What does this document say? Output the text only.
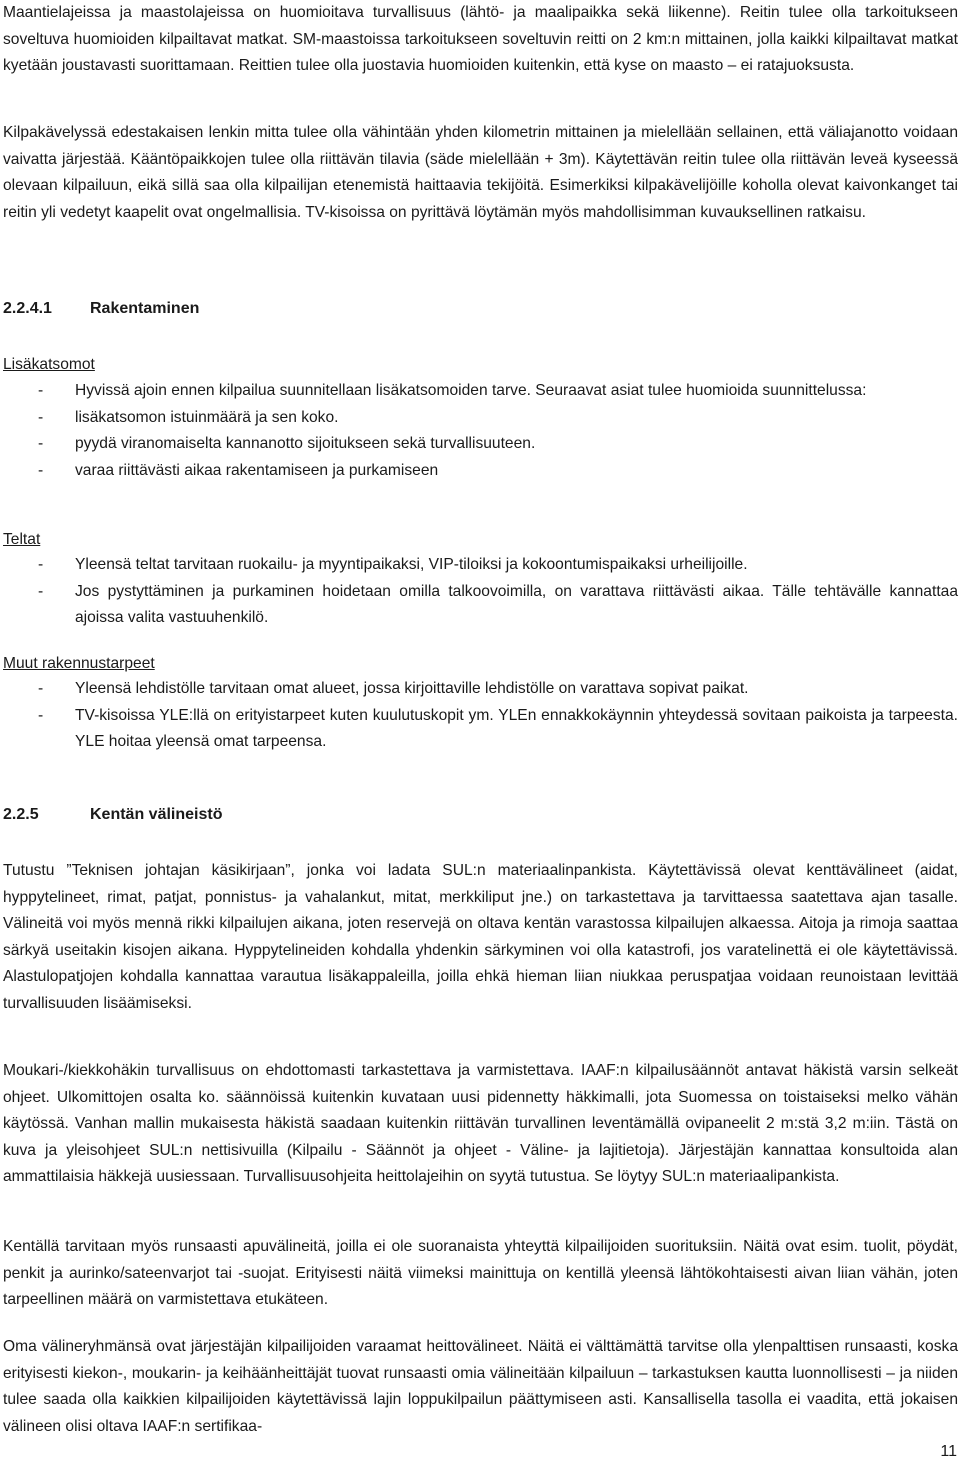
Maantielajeissa ja maastolajeissa on huomioitava turvallisuus (lähtö- ja maalipaikka sekä liikenne). Reitin tulee olla tarkoitukseen soveltuva huomioiden kilpailtavat matkat. SM-maastoissa tarkoitukseen soveltuvin reitti on 2 km:n mittainen, jolla kaikki kilpailtavat matkat kyetään joustavasti suorittamaan. Reittien tulee olla juostavia huomioiden kuitenkin, että kyse on maasto – ei ratajuoksusta.

Kilpakävelyssä edestakaisen lenkin mitta tulee olla vähintään yhden kilometrin mittainen ja mielellään sellainen, että väliajanotto voidaan vaivatta järjestää. Kääntöpaikkojen tulee olla riittävän tilavia (säde mielellään + 3m). Käytettävän reitin tulee olla riittävän leveä kyseessä olevaan kilpailuun, eikä sillä saa olla kilpailijan etenemistä haittaavia tekijöitä. Esimerkiksi kilpakävelijöille koholla olevat kaivonkanget tai reitin yli vedetyt kaapelit ovat ongelmallisia. TV-kisoissa on pyrittävä löytämän myös mahdollisimman kuvauksellinen ratkaisu.

2.2.4.1 Rakentaminen
Lisäkatsomot
- Hyvissä ajoin ennen kilpailua suunnitellaan lisäkatsomoiden tarve. Seuraavat asiat tulee huomioida suunnittelussa:
- lisäkatsomon istuinmäärä ja sen koko.
- pyydä viranomaiselta kannanotto sijoitukseen sekä turvallisuuteen.
- varaa riittävästi aikaa rakentamiseen ja purkamiseen
Teltat
- Yleensä teltat tarvitaan ruokailu- ja myyntipaikaksi, VIP-tiloiksi ja kokoontumispaikaksi urheilijoille.
- Jos pystyttäminen ja purkaminen hoidetaan omilla talkoovoimilla, on varattava riittävästi aikaa. Tälle tehtävälle kannattaa ajoissa valita vastuuhenkilö.
Muut rakennustarpeet
- Yleensä lehdistölle tarvitaan omat alueet, jossa kirjoittaville lehdistölle on varattava sopivat paikat.
- TV-kisoissa YLE:llä on erityistarpeet kuten kuulutuskopit ym. YLEn ennakkokäynnin yhteydessä sovitaan paikoista ja tarpeesta. YLE hoitaa yleensä omat tarpeensa.
2.2.5	Kentän välineistö

Tutustu ”Teknisen johtajan käsikirjaan”, jonka voi ladata SUL:n materiaalinpankista. Käytettävissä olevat kenttävälineet (aidat, hyppytelineet, rimat, patjat, ponnistus- ja vahalankut, mitat, merkkiliput jne.) on tarkastettava ja tarvittaessa saatettava ajan tasalle. Välineitä voi myös mennä rikki kilpailujen aikana, joten reservejä on oltava kentän varastossa kilpailujen alkaessa. Aitoja ja rimoja saattaa särkyä useitakin kisojen aikana. Hyppytelineiden kohdalla yhdenkin särkyminen voi olla katastrofi, jos varatelinettä ei ole käytettävissä. Alastulopatjojen kohdalla kannattaa varautua lisäkappaleilla, joilla ehkä hieman liian niukkaa peruspatjaa voidaan reunoistaan levittää turvallisuuden lisäämiseksi.

Moukari-/kiekkohäkin turvallisuus on ehdottomasti tarkastettava ja varmistettava. IAAF:n kilpailusäännöt antavat häkistä varsin selkeät ohjeet. Ulkomittojen osalta ko. säännöissä kuitenkin kuvataan uusi pidennetty häkkimalli, jota Suomessa on toistaiseksi melko vähän käytössä. Vanhan mallin mukaisesta häkistä saadaan kuitenkin riittävän turvallinen leventämällä ovipaneelit 2 m:stä 3,2 m:iin. Tästä on kuva ja yleisohjeet SUL:n nettisivuilla (Kilpailu - Säännöt ja ohjeet - Väline- ja lajitietoja). Järjestäjän kannattaa konsultoida alan ammattilaisia häkkejä uusiessaan. Turvallisuusohjeita heittolajeihin on syytä tutustua. Se löytyy SUL:n materiaalipankista.

Kentällä tarvitaan myös runsaasti apuvälineitä, joilla ei ole suoranaista yhteyttä kilpailijoiden suorituksiin. Näitä ovat esim. tuolit, pöydät, penkit ja aurinko/sateenvarjot tai -suojat. Erityisesti näitä viimeksi mainittuja on kentillä yleensä lähtökohtaisesti aivan liian vähän, joten tarpeellinen määrä on varmistettava etukäteen.

Oma välineryhmänsä ovat järjestäjän kilpailijoiden varaamat heittovälineet. Näitä ei välttämättä tarvitse olla ylenpalttisen runsaasti, koska erityisesti kiekon-, moukarin- ja keihäänheittäjät tuovat runsaasti omia välineitään kilpailuun – tarkastuksen kautta luonnollisesti – ja niiden tulee saada olla kaikkien kilpailijoiden käytettävissä lajin loppukilpailun päättymiseen asti. Kansallisella tasolla ei vaadita, että jokaisen välineen olisi oltava IAAF:n sertifikaa-

11
